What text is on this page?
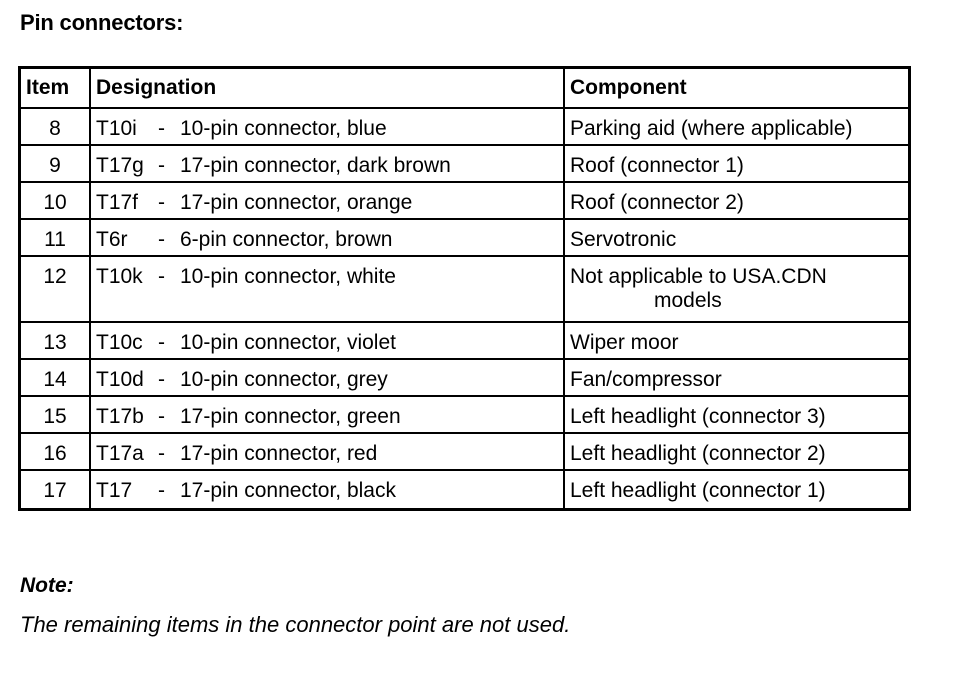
Pin connectors:
Item	Designation	Component
8	T10i - 10-pin connector, blue	Parking aid (where applicable)
9	T17g - 17-pin connector, dark brown	Roof (connector 1)
10	T17f - 17-pin connector, orange	Roof (connector 2)
11	T6r - 6-pin connector, brown	Servotronic
12	T10k - 10-pin connector, white	Not applicable to USA.CDN
models

13	T10c - 10-pin connector, violet	Wiper moor
14	T10d - 10-pin connector, grey	Fan/compressor
15	T17b - 17-pin connector, green	Left headlight (connector 3)
16	T17a - 17-pin connector, red	Left headlight (connector 2)
17	T17 - 17-pin connector, black	Left headlight (connector 1)
Note:
The remaining items in the connector point are not used.
